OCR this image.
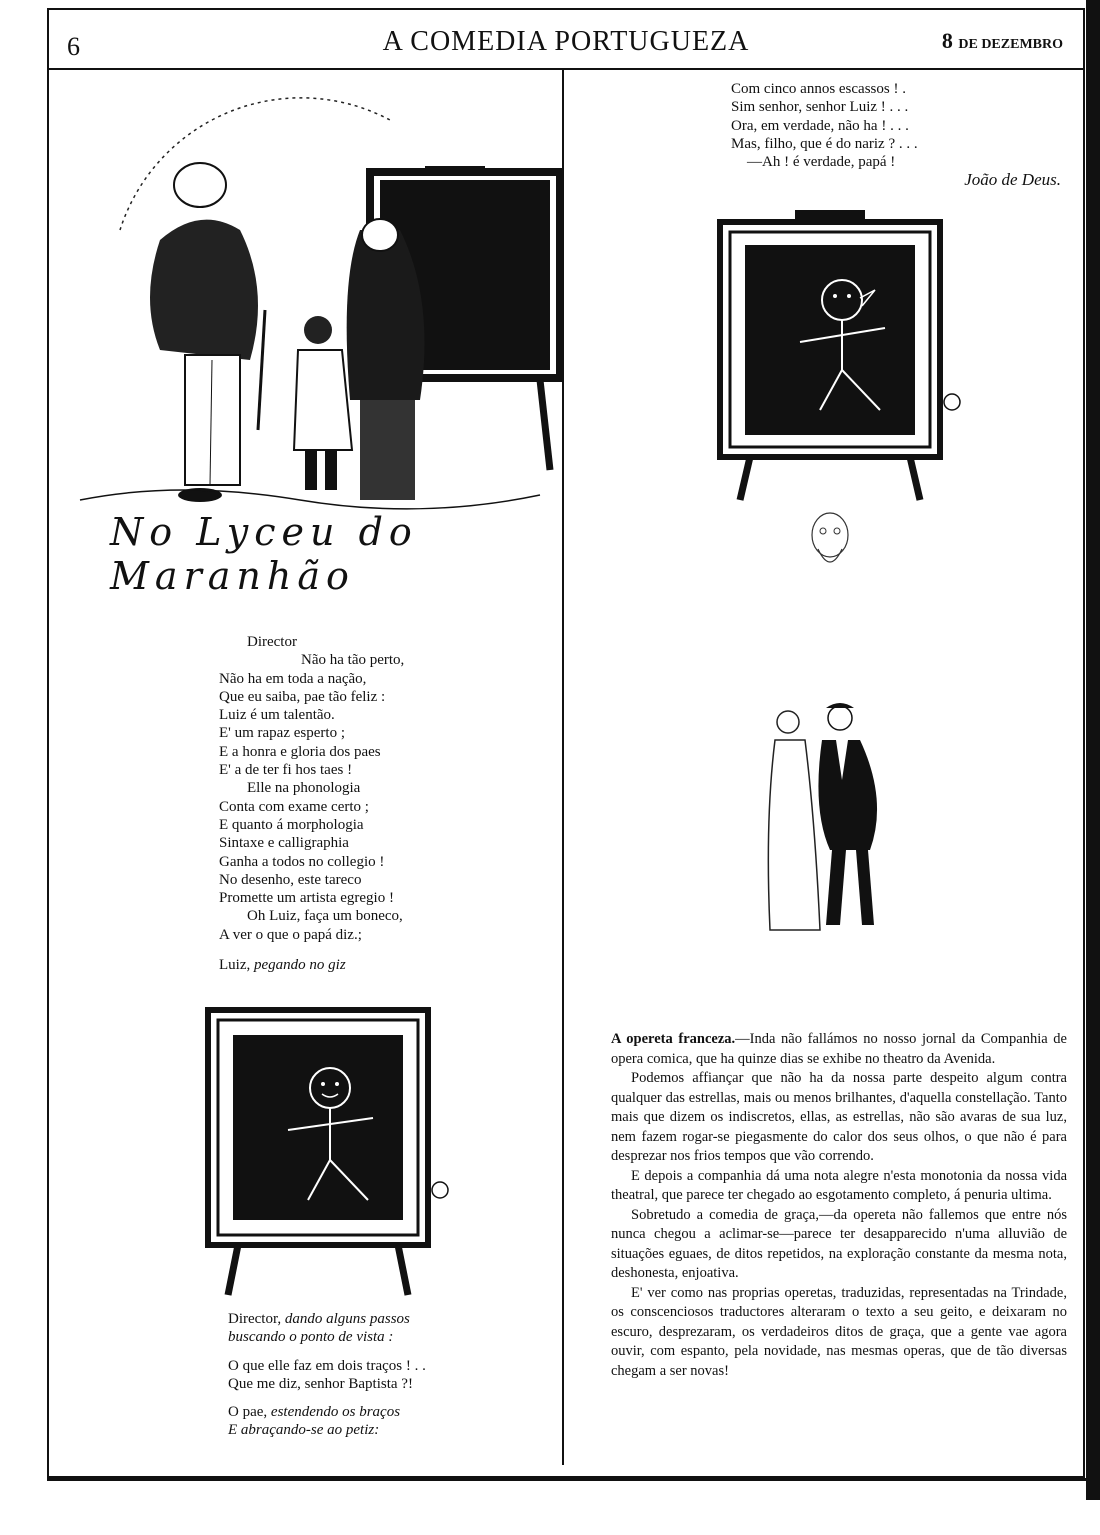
6	A COMEDIA PORTUGUEZA	8 DE DEZEMBRO
No Lyceu do Maranhão

Director

Não ha tão perto,

Não ha em toda a nação,

Que eu saiba, pae tão feliz :

Luiz é um talentão.

E' um rapaz esperto ;

E a honra e gloria dos paes

E' a de ter fi hos taes !

Elle na phonologia

Conta com exame certo ;

E quanto á morphologia

Sintaxe e calligraphia

Ganha a todos no collegio !

No desenho, este tareco

Promette um artista egregio !

Oh Luiz, faça um boneco,

A ver o que o papá diz.;

Luiz, pegando no giz

Director, dando alguns passos

buscando o ponto de vista :

O que elle faz em dois traços ! . .

Que me diz, senhor Baptista ?!

O pae, estendendo os braços

E abraçando-se ao petiz:

Com cinco annos escassos ! .

Sim senhor, senhor Luiz ! . . .

Ora, em verdade, não ha ! . . .

Mas, filho, que é do nariz ? . . .

—Ah ! é verdade, papá !

João de Deus.

A opereta franceza.—Inda não fallámos no nosso jornal da Companhia de opera comica, que ha quinze dias se exhibe no theatro da Avenida.

Podemos affiançar que não ha da nossa parte despeito algum contra qualquer das estrellas, mais ou menos brilhantes, d'aquella constellação. Tanto mais que dizem os indiscretos, ellas, as estrellas, não são avaras de sua luz, nem fazem rogar-se piegasmente do calor dos seus olhos, o que não é para desprezar nos frios tempos que vão correndo.

E depois a companhia dá uma nota alegre n'esta monotonia da nossa vida theatral, que parece ter chegado ao esgotamento completo, á penuria ultima.

Sobretudo a comedia de graça,—da opereta não fallemos que entre nós nunca chegou a aclimar-se—parece ter desapparecido n'uma alluvião de situações eguaes, de ditos repetidos, na exploração constante da mesma nota, deshonesta, enjoativa.

E' ver como nas proprias operetas, traduzidas, representadas na Trindade, os conscenciosos traductores alteraram o texto a seu geito, e deixaram no escuro, desprezaram, os verdadeiros ditos de graça, que a gente vae agora ouvir, com espanto, pela novidade, nas mesmas operas, que de tão diversas chegam a ser novas!
